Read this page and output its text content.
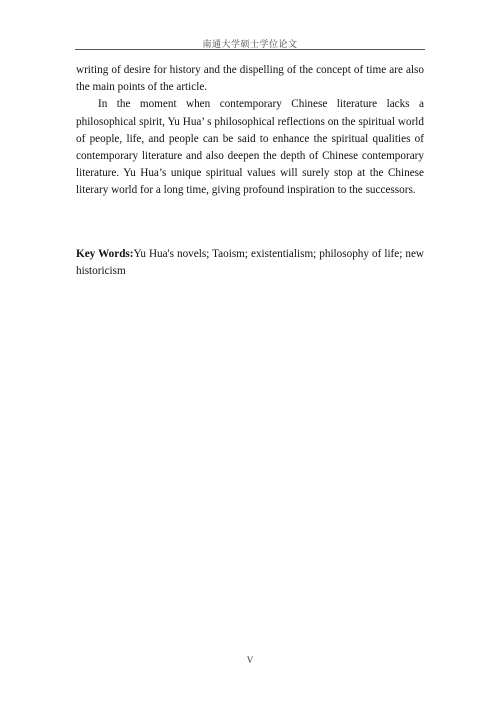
南通大学硕士学位论文

writing of desire for history and the dispelling of the concept of time are also the main points of the article.

In the moment when contemporary Chinese literature lacks a philosophical spirit, Yu Hua’ s philosophical reflections on the spiritual world of people, life, and people can be said to enhance the spiritual qualities of contemporary literature and also deepen the depth of Chinese contemporary literature. Yu Hua’s unique spiritual values will surely stop at the Chinese literary world for a long time, giving profound inspiration to the successors.

Key Words:Yu Hua's novels; Taoism; existentialism; philosophy of life; new historicism
V
